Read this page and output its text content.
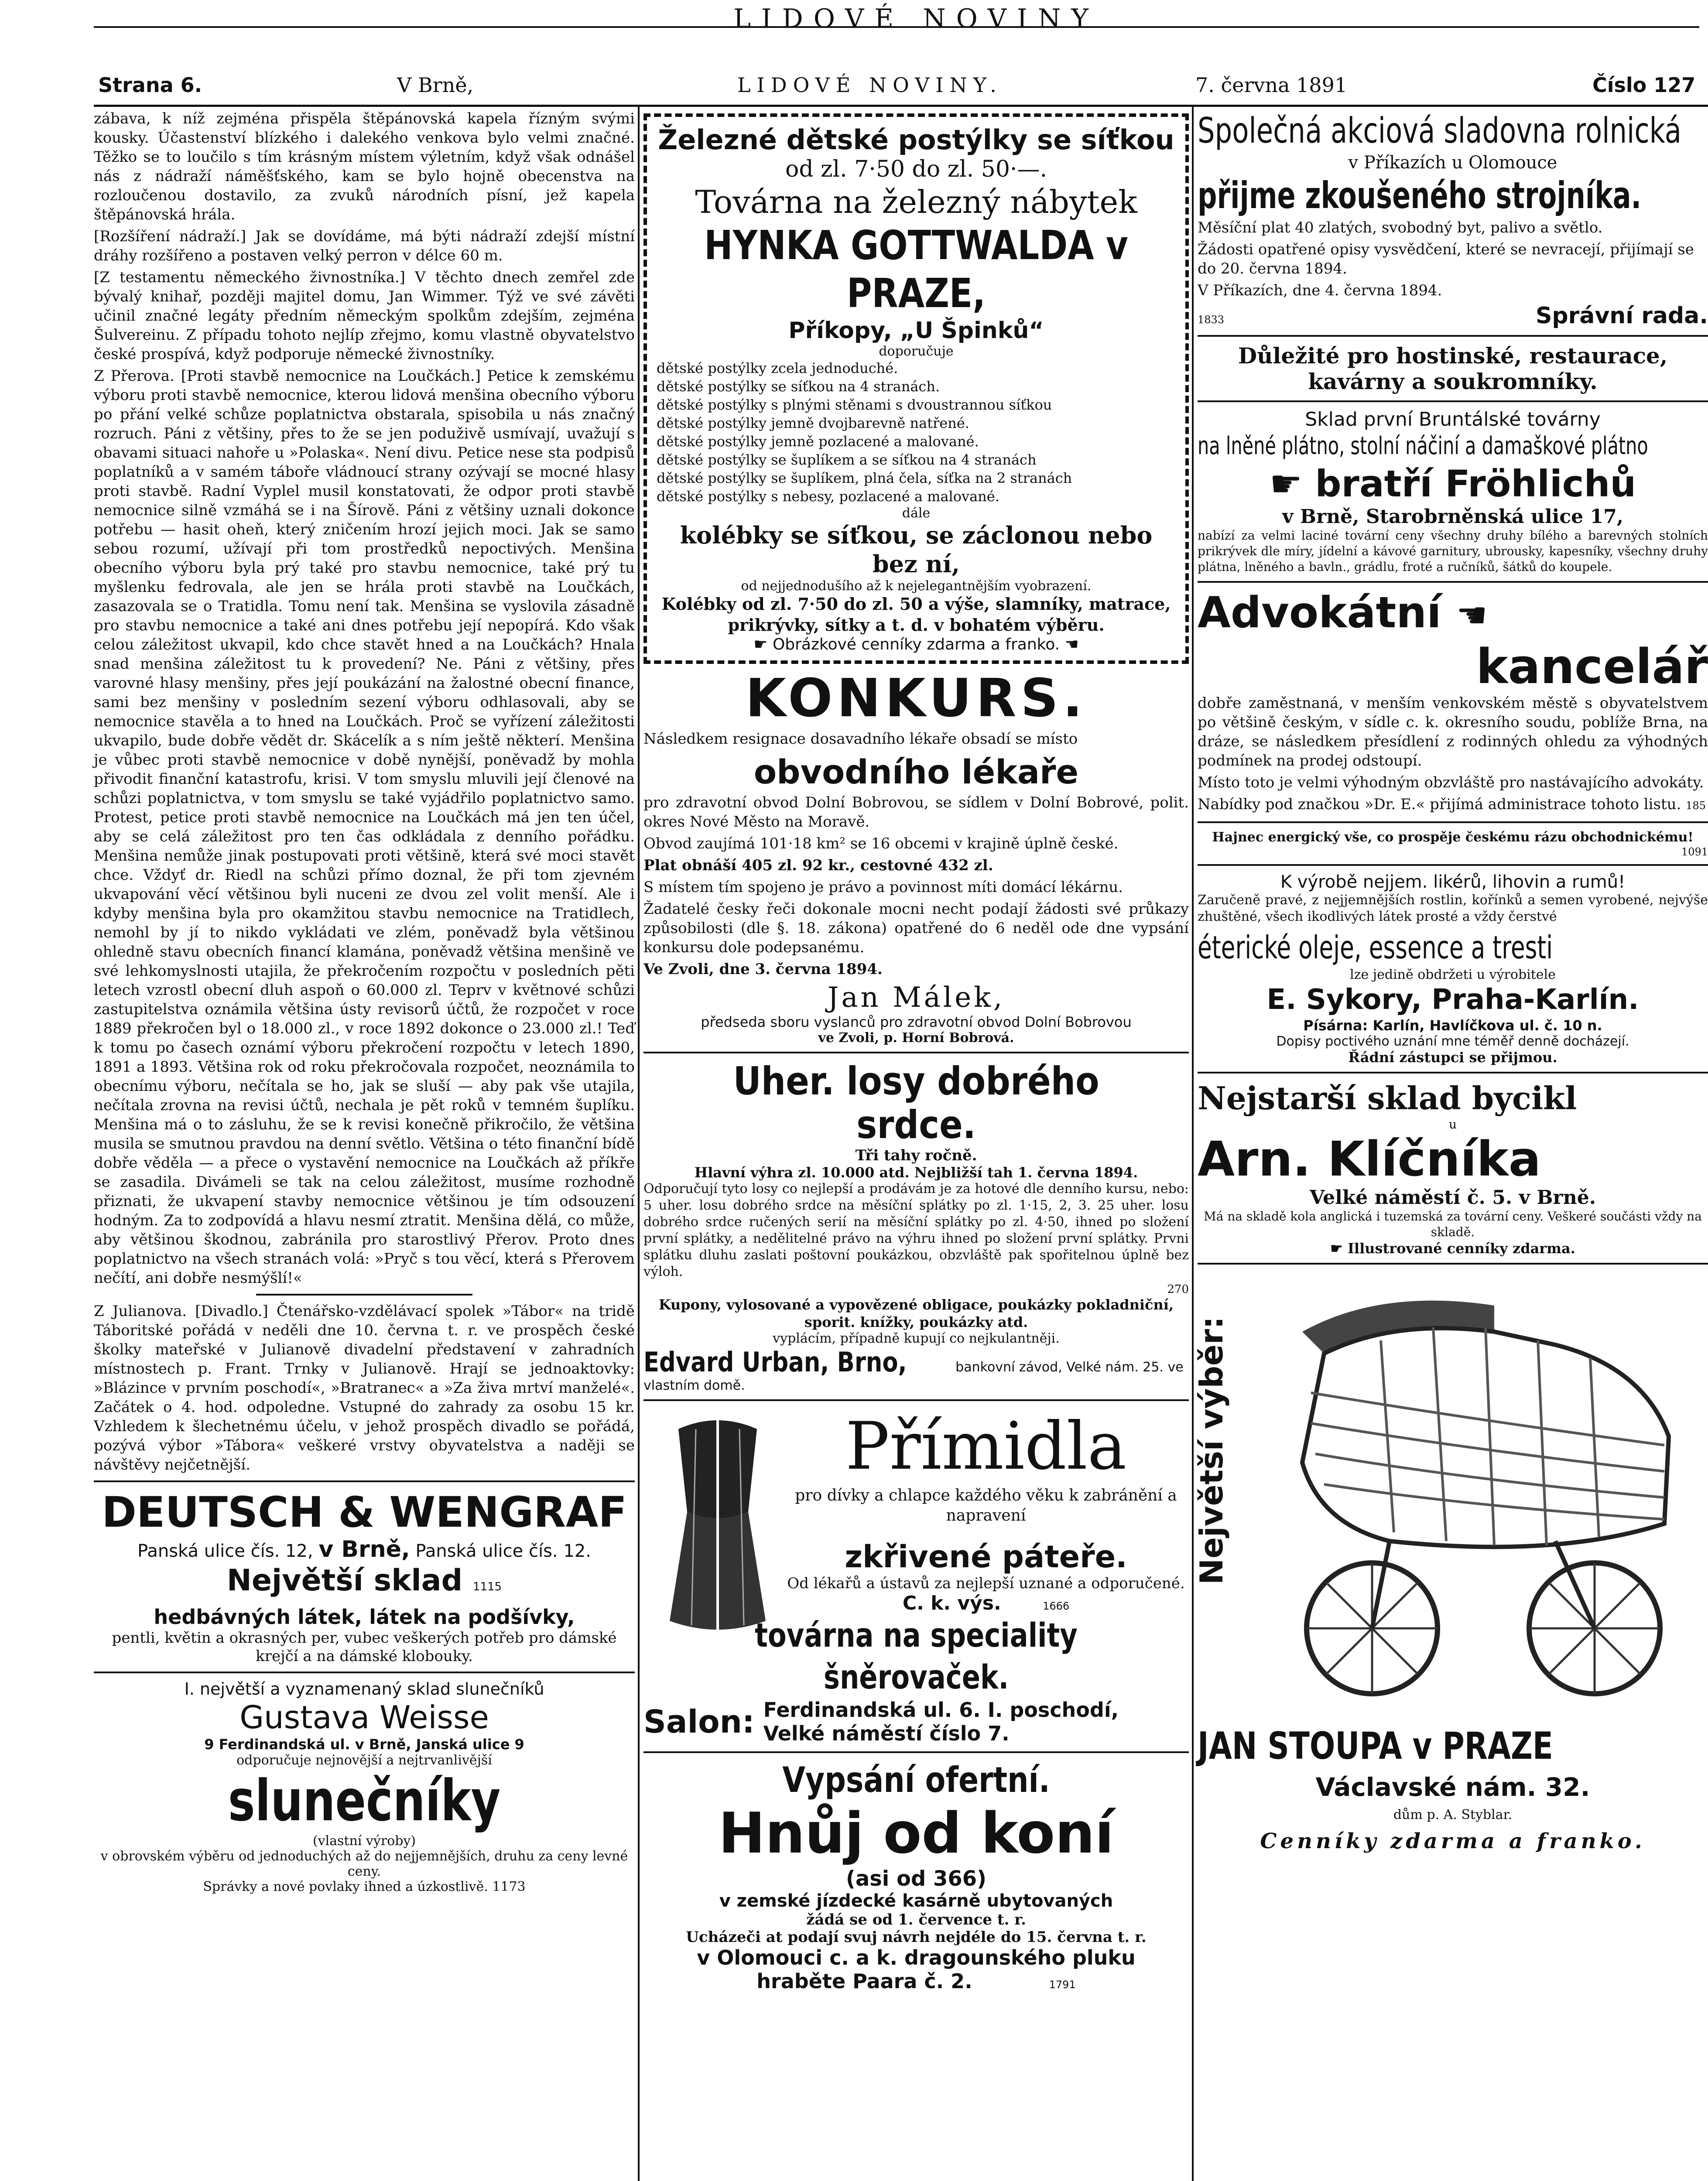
LIDOVÉ NOVINY
Strana 6.	V Brně,	LIDOVÉ NOVINY.	7. června 1891	Číslo 127

zábava, k níž zejména přispěla štěpánovská kapela řízným svými kousky. Účastenství blízkého i dalekého venkova bylo velmi značné. Těžko se to loučilo s tím krásným místem výletním, když však odnášel nás z nádraží náměšťského, kam se bylo hojně obecenstva na rozloučenou dostavilo, za zvuků národních písní, jež kapela štěpánovská hrála.

[Rozšíření nádraží.] Jak se dovídáme, má býti nádraží zdejší místní dráhy rozšířeno a postaven velký perron v délce 60 m.

[Z testamentu německého živnostníka.] V těchto dnech zemřel zde bývalý knihař, později majitel domu, Jan Wimmer. Týž ve své závěti učinil značné legáty předním německým spolkům zdejším, zejména Šulvereinu. Z případu tohoto nejlíp zřejmo, komu vlastně obyvatelstvo české prospívá, když podporuje německé živnostníky.

Z Přerova. [Proti stavbě nemocnice na Loučkách.] Petice k zemskému výboru proti stavbě nemocnice, kterou lidová menšina obecního výboru po přání velké schůze poplatnictva obstarala, spisobila u nás značný rozruch. Páni z většiny, přes to že se jen poduživě usmívají, uvažují s obavami situaci nahoře u »Polaska«. Není divu. Petice nese sta podpisů poplatníků a v samém táboře vládnoucí strany ozývají se mocné hlasy proti stavbě. Radní Vyplel musil konstatovati, že odpor proti stavbě nemocnice silně vzmáhá se i na Šírově. Páni z většiny uznali dokonce potřebu — hasit oheň, který zničením hrozí jejich moci. Jak se samo sebou rozumí, užívají při tom prostředků nepoctivých. Menšina obecního výboru byla prý také pro stavbu nemocnice, také prý tu myšlenku fedrovala, ale jen se hrála proti stavbě na Loučkách, zasazovala se o Tratidla. Tomu není tak. Menšina se vyslovila zásadně pro stavbu nemocnice a také ani dnes potřebu její nepopírá. Kdo však celou záležitost ukvapil, kdo chce stavět hned a na Loučkách? Hnala snad menšina záležitost tu k provedení? Ne. Páni z většiny, přes varovné hlasy menšiny, přes její poukázání na žalostné obecní finance, sami bez menšiny v posledním sezení výboru odhlasovali, aby se nemocnice stavěla a to hned na Loučkách. Proč se vyřízení záležitosti ukvapilo, bude dobře vědět dr. Skácelík a s ním ještě některí. Menšina je vůbec proti stavbě nemocnice v době nynější, poněvadž by mohla přivodit finanční katastrofu, krisi. V tom smyslu mluvili její členové na schůzi poplatnictva, v tom smyslu se také vyjádřilo poplatnictvo samo. Protest, petice proti stavbě nemocnice na Loučkách má jen ten účel, aby se celá záležitost pro ten čas odkládala z denního pořádku. Menšina nemůže jinak postupovati proti většině, která své moci stavět chce. Vždyť dr. Riedl na schůzi přímo doznal, že při tom zjevném ukvapování věcí většinou byli nuceni ze dvou zel volit menší. Ale i kdyby menšina byla pro okamžitou stavbu nemocnice na Tratidlech, nemohl by jí to nikdo vykládati ve zlém, poněvadž byla většinou ohledně stavu obecních financí klamána, poněvadž většina menšině ve své lehkomyslnosti utajila, že překročením rozpočtu v posledních pěti letech vzrostl obecní dluh aspoň o 60.000 zl. Teprv v květnové schůzi zastupitelstva oznámila většina ústy revisorů účtů, že rozpočet v roce 1889 překročen byl o 18.000 zl., v roce 1892 dokonce o 23.000 zl.! Teď k tomu po časech oznámí výboru překročení rozpočtu v letech 1890, 1891 a 1893. Většina rok od roku překročovala rozpočet, neoznámila to obecnímu výboru, nečítala se ho, jak se sluší — aby pak vše utajila, nečítala zrovna na revisi účtů, nechala je pět roků v temném šuplíku. Menšina má o to zásluhu, že se k revisi konečně přikročilo, že většina musila se smutnou pravdou na denní světlo. Většina o této finanční bídě dobře věděla — a přece o vystavění nemocnice na Loučkách až příkře se zasadila. Divámeli se tak na celou záležitost, musíme rozhodně přiznati, že ukvapení stavby nemocnice většinou je tím odsouzení hodným. Za to zodpovídá a hlavu nesmí ztratit. Menšina dělá, co může, aby většinou škodnou, zabránila pro starostlivý Přerov. Proto dnes poplatnictvo na všech stranách volá: »Pryč s tou věcí, která s Přerovem nečítí, ani dobře nesmýšlí!«

Z Julianova. [Divadlo.] Čtenářsko-vzdělávací spolek »Tábor« na tridě Táboritské pořádá v neděli dne 10. června t. r. ve prospěch české školky mateřské v Julianově divadelní představení v zahradních místnostech p. Frant. Trnky v Julianově. Hrají se jednoaktovky: »Blázince v prvním poschodí«, »Bratranec« a »Za živa mrtví manželé«. Začátek o 4. hod. odpoledne. Vstupné do zahrady za osobu 15 kr. Vzhledem k šlechetnému účelu, v jehož prospěch divadlo se pořádá, pozývá výbor »Tábora« veškeré vrstvy obyvatelstva a naději se návštěvy nejčetnější.

DEUTSCH & WENGRAF
Panská ulice čís. 12, v Brně, Panská ulice čís. 12.
Největší sklad 1115
hedbávných látek, látek na podšívky,
pentli, květin a okrasných per, vubec veškerých potřeb pro dámské krejčí a na dámské klobouky.
I. největší a vyznamenaný sklad slunečníků
Gustava Weisse
9 Ferdinandská ul. v Brně, Janská ulice 9
odporučuje nejnovější a nejtrvanlivější
slunečníky
(vlastní výroby)
v obrovském výběru od jednoduchých až do nejjemnějších, druhu za ceny levné ceny.
Správky a nové povlaky ihned a úzkostlivě. 1173
Železné dětské postýlky se síťkou
od zl. 7·50 do zl. 50·—.
Továrna na železný nábytek
HYNKA GOTTWALDA v PRAZE,
Příkopy, „U Špinků“
doporučuje
dětské postýlky zcela jednoduché.
dětské postýlky se síťkou na 4 stranách.
dětské postýlky s plnými stěnami s dvoustrannou síťkou
dětské postýlky jemně dvojbarevně natřené.
dětské postýlky jemně pozlacené a malované.
dětské postýlky se šuplíkem a se síťkou na 4 stranách
dětské postýlky se šuplíkem, plná čela, síťka na 2 stranách
dětské postýlky s nebesy, pozlacené a malované.
dále
kolébky se síťkou, se záclonou nebo bez ní,
od nejjednodušího až k nejelegantnějším vyobrazení.
Kolébky od zl. 7·50 do zl. 50 a výše, slamníky, matrace, prikrývky, sítky a t. d. v bohatém výběru.
☛ Obrázkové cenníky zdarma a franko. ☚
KONKURS.

Následkem resignace dosavadního lékaře obsadí se místo

obvodního lékaře

pro zdravotní obvod Dolní Bobrovou, se sídlem v Dolní Bobrové, polit. okres Nové Město na Moravě.

Obvod zaujímá 101·18 km² se 16 obcemi v krajině úplně české.

Plat obnáší 405 zl. 92 kr., cestovné 432 zl.

S místem tím spojeno je právo a povinnost míti domácí lékárnu.

Žadatelé česky řeči dokonale mocni necht podají žádosti své průkazy způsobilosti (dle §. 18. zákona) opatřené do 6 neděl ode dne vypsání konkursu dole podepsanému.

Ve Zvoli, dne 3. června 1894.

Jan Málek,
předseda sboru vyslanců pro zdravotní obvod Dolní Bobrovou
ve Zvoli, p. Horní Bobrová.
Uher. losy dobrého srdce.
Tři tahy ročně.
Hlavní výhra zl. 10.000 atd. Nejbližší tah 1. června 1894.

Odporučují tyto losy co nejlepší a prodávám je za hotové dle denního kursu, nebo: 5 uher. losu dobrého srdce na měsíční splátky po zl. 1·15, 2, 3. 25 uher. losu dobrého srdce ručených serií na měsíční splátky po zl. 4·50, ihned po složení první splátky, a nedělitelné právo na výhru ihned po složení první splátky. Prvni splátku dluhu zaslati poštovní poukázkou, obzvláště pak spořitelnou úplně bez výloh.

270
Kupony, vylosované a vypovězené obligace, poukázky pokladniční, sporit. knížky, poukázky atd.
vyplácím, případně kupují co nejkulantněji.
Edvard Urban, Brno,	bankovní závod, Velké nám. 25. ve vlastním domě.
Přímidla
pro dívky a chlapce každého věku k zabránění a napravení
zkřivené páteře.
Od lékařů a ústavů za nejlepší uznané a odporučené.
C. k. výs.	1666
továrna na speciality šněrovaček.
Salon: Ferdinandská ul. 6. I. poschodí,
Velké náměstí číslo 7.
Vypsání ofertní.
Hnůj od koní
(asi od 366)
v zemské jízdecké kasárně ubytovaných
žádá se od 1. července t. r.
Ucházeči at podají svuj návrh nejdéle do 15. června t. r.
v Olomouci c. a k. dragounského pluku
hraběte Paara č. 2.	1791
Společná akciová sladovna rolnická
v Příkazích u Olomouce
přijme zkoušeného strojníka.

Měsíční plat 40 zlatých, svobodný byt, palivo a světlo.

Žádosti opatřené opisy vysvědčení, které se nevracejí, přijímají se do 20. června 1894.

V Příkazích, dne 4. června 1894.

1833	Správní rada.
Důležité pro hostinské, restaurace,
kavárny a soukromníky.
Sklad první Bruntálské továrny
na lněné plátno, stolní náčiní a damaškové plátno
☛ bratří Fröhlichů
v Brně, Starobrněnská ulice 17,

nabízí za velmi laciné tovární ceny všechny druhy bílého a barevných stolních prikrývek dle míry, jídelní a kávové garnitury, ubrousky, kapesníky, všechny druhy plátna, lněného a bavln., grádlu, froté a ručníků, šátků do koupele.

Advokátní ☚
kancelář

dobře zaměstnaná, v menším venkovském městě s obyvatelstvem po většině českým, v sídle c. k. okresního soudu, poblíže Brna, na dráze, se následkem přesídlení z rodinných ohledu za výhodných podmínek na prodej odstoupí.

Místo toto je velmi výhodným obzvláště pro nastávajícího advokáty.

Nabídky pod značkou »Dr. E.« přijímá administrace tohoto listu. 185

Hajnec energický vše, co prospěje českému rázu obchodnickému!
1091
K výrobě nejjem. likérů, lihovin a rumů!

Zaručeně pravé, z nejjemnějších rostlin, kořínků a semen vyrobené, nejvýše zhuštěné, všech ikodlivých látek prosté a vždy čerstvé

éterické oleje, essence a tresti
lze jedině obdržeti u výrobitele
E. Sykory, Praha-Karlín.
Písárna: Karlín, Havlíčkova ul. č. 10 n.
Dopisy poctivého uznání mne téměř denně docházejí.
Řádní zástupci se přijmou.
Nejstarší sklad bycikl
u
Arn. Klíčníka
Velké náměstí č. 5. v Brně.
Má na skladě kola anglická i tuzemská za tovární ceny. Veškeré součásti vždy na skladě.
☛ Illustrované cenníky zdarma.
Největší výběr:
JAN STOUPA v PRAZE
Václavské nám. 32.
dům p. A. Styblar.
Cenníky zdarma a franko.
